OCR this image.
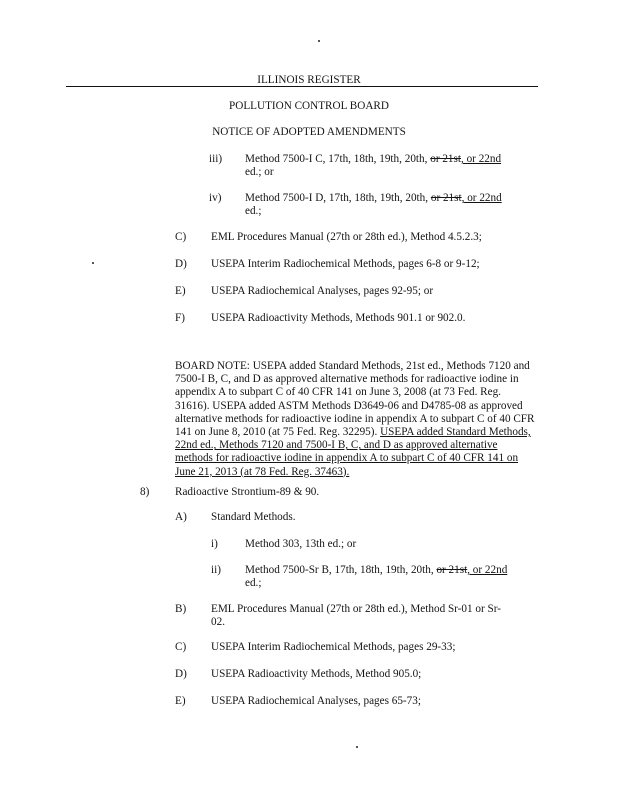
ILLINOIS REGISTER
POLLUTION CONTROL BOARD
NOTICE OF ADOPTED AMENDMENTS
iii) Method 7500-I C, 17th, 18th, 19th, 20th, or 21st, or 22nd
ed.; or
iv) Method 7500-I D, 17th, 18th, 19th, 20th, or 21st, or 22nd
ed.;
C) EML Procedures Manual (27th or 28th ed.), Method 4.5.2.3;
D) USEPA Interim Radiochemical Methods, pages 6-8 or 9-12;
E) USEPA Radiochemical Analyses, pages 92-95; or
F) USEPA Radioactivity Methods, Methods 901.1 or 902.0.

BOARD NOTE: USEPA added Standard Methods, 21st ed., Methods 7120 and 7500-I B, C, and D as approved alternative methods for radioactive iodine in appendix A to subpart C of 40 CFR 141 on June 3, 2008 (at 73 Fed. Reg. 31616). USEPA added ASTM Methods D3649-06 and D4785-08 as approved alternative methods for radioactive iodine in appendix A to subpart C of 40 CFR 141 on June 8, 2010 (at 75 Fed. Reg. 32295). USEPA added Standard Methods, 22nd ed., Methods 7120 and 7500-I B, C, and D as approved alternative methods for radioactive iodine in appendix A to subpart C of 40 CFR 141 on June 21, 2013 (at 78 Fed. Reg. 37463).

8) Radioactive Strontium-89 & 90.
A) Standard Methods.
i) Method 303, 13th ed.; or
ii) Method 7500-Sr B, 17th, 18th, 19th, 20th, or 21st, or 22nd
ed.;
B) EML Procedures Manual (27th or 28th ed.), Method Sr-01 or Sr-
02.
C) USEPA Interim Radiochemical Methods, pages 29-33;
D) USEPA Radioactivity Methods, Method 905.0;
E) USEPA Radiochemical Analyses, pages 65-73;
